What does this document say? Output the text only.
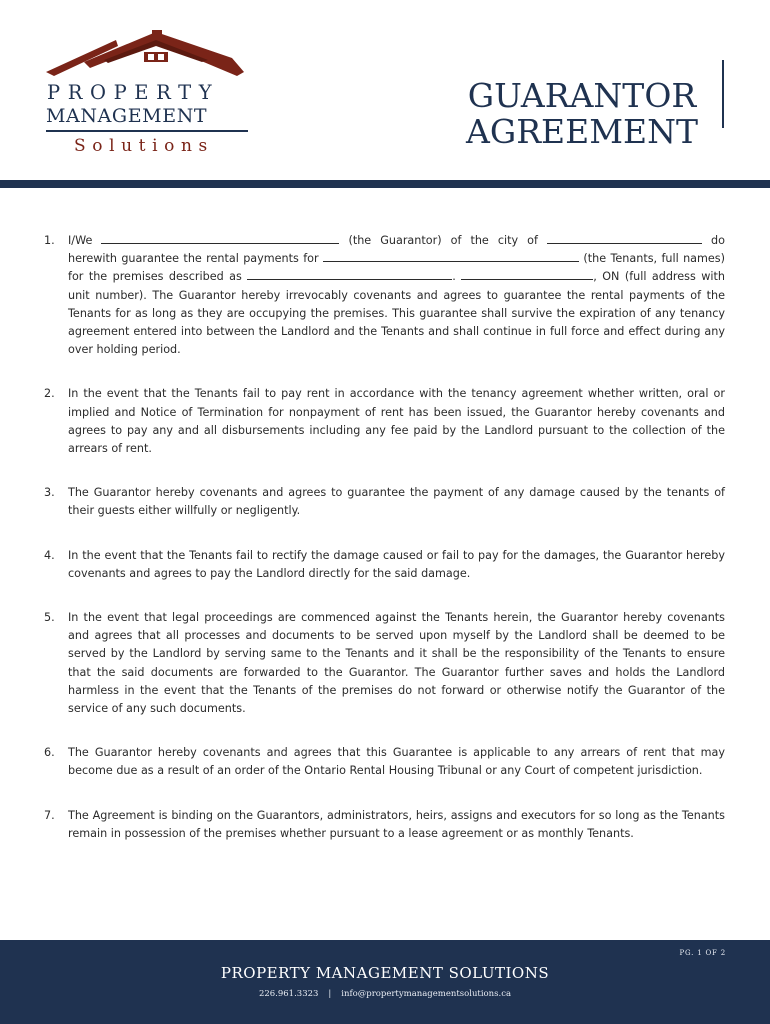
PROPERTY
MANAGEMENT
Solutions
GUARANTOR
AGREEMENT
1. I/We	(the Guarantor) of the city of	do herewith guarantee the rental payments for	(the Tenants, full names) for the premises described as	.	, ON (full address with unit number). The Guarantor hereby irrevocably covenants and agrees to guarantee the rental payments of the Tenants for as long as they are occupying the premises. This guarantee shall survive the expiration of any tenancy agreement entered into between the Landlord and the Tenants and shall continue in full force and effect during any over holding period.
2. In the event that the Tenants fail to pay rent in accordance with the tenancy agreement whether written, oral or implied and Notice of Termination for nonpayment of rent has been issued, the Guarantor hereby covenants and agrees to pay any and all disbursements including any fee paid by the Landlord pursuant to the collection of the arrears of rent.
3. The Guarantor hereby covenants and agrees to guarantee the payment of any damage caused by the tenants of their guests either willfully or negligently.
4. In the event that the Tenants fail to rectify the damage caused or fail to pay for the damages, the Guarantor hereby covenants and agrees to pay the Landlord directly for the said damage.
5. In the event that legal proceedings are commenced against the Tenants herein, the Guarantor hereby covenants and agrees that all processes and documents to be served upon myself by the Landlord shall be deemed to be served by the Landlord by serving same to the Tenants and it shall be the responsibility of the Tenants to ensure that the said documents are forwarded to the Guarantor. The Guarantor further saves and holds the Landlord harmless in the event that the Tenants of the premises do not forward or otherwise notify the Guarantor of the service of any such documents.
6. The Guarantor hereby covenants and agrees that this Guarantee is applicable to any arrears of rent that may become due as a result of an order of the Ontario Rental Housing Tribunal or any Court of competent jurisdiction.
7. The Agreement is binding on the Guarantors, administrators, heirs, assigns and executors for so long as the Tenants remain in possession of the premises whether pursuant to a lease agreement or as monthly Tenants.
PG. 1 OF 2
PROPERTY MANAGEMENT SOLUTIONS
226.961.3323 | info@propertymanagementsolutions.ca
